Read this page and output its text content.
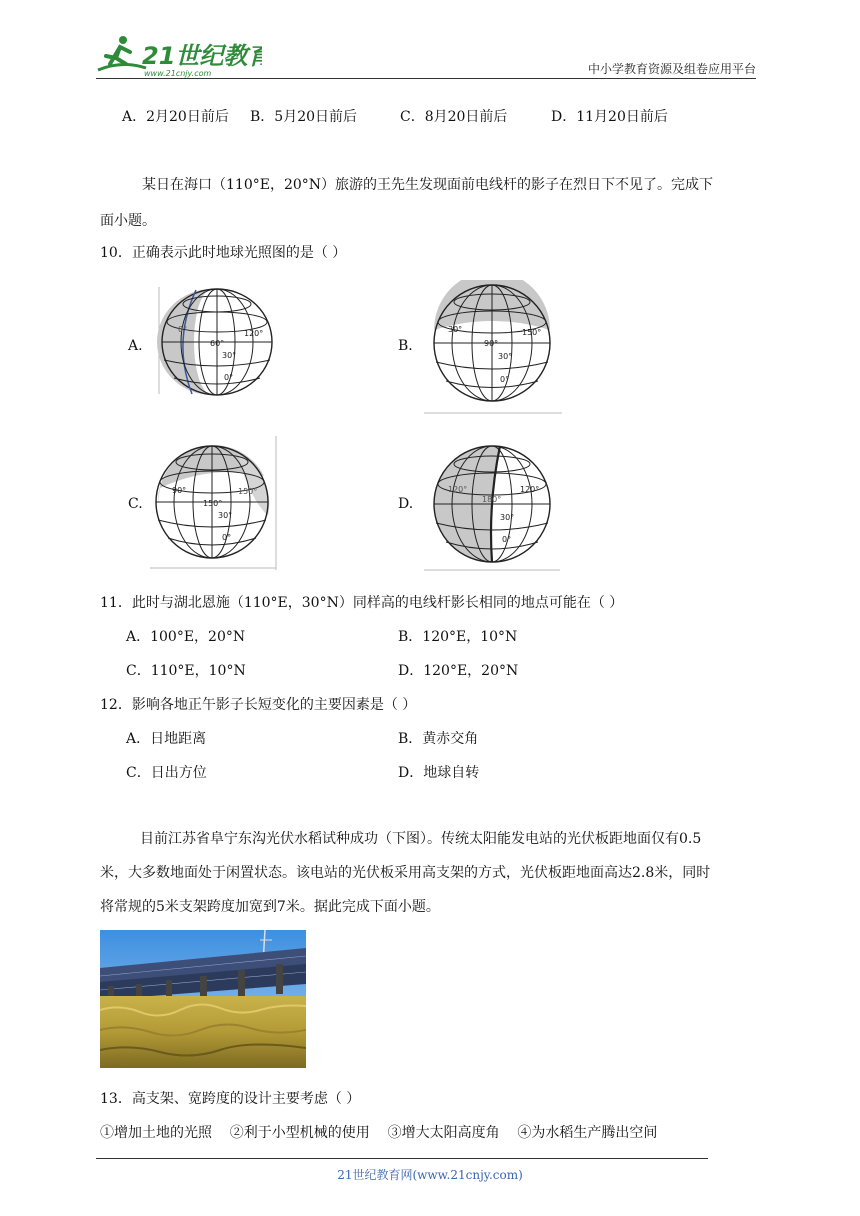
21世纪教育
www.21cnjy.com	中小学教育资源及组卷应用平台
A．2月20日前后 B．5月20日前后	C．8月20日前后	D．11月20日前后
某日在海口（110°E，20°N）旅游的王先生发现面前电线杆的影子在烈日下不见了。完成下
面小题。
10．正确表示此时地球光照图的是（ ）
A.	B.
C.	D.
0°
60°
120°
30°
0°
30°
90°
150°
30°
0°
90°
150°
150°
30°
0°
120°
180°
120°
30°
0°
11．此时与湖北恩施（110°E，30°N）同样高的电线杆影长相同的地点可能在（ ）
A．100°E，20°N	B．120°E，10°N
C．110°E，10°N	D．120°E，20°N
12．影响各地正午影子长短变化的主要因素是（ ）
A．日地距离	B．黄赤交角
C．日出方位	D．地球自转
目前江苏省阜宁东沟光伏水稻试种成功（下图）。传统太阳能发电站的光伏板距地面仅有0.5
米，大多数地面处于闲置状态。该电站的光伏板采用高支架的方式，光伏板距地面高达2.8米，同时
将常规的5米支架跨度加宽到7米。据此完成下面小题。
13．高支架、宽跨度的设计主要考虑（ ）
①增加土地的光照    ②利于小型机械的使用    ③增大太阳高度角    ④为水稻生产腾出空间
21世纪教育网(www.21cnjy.com)
